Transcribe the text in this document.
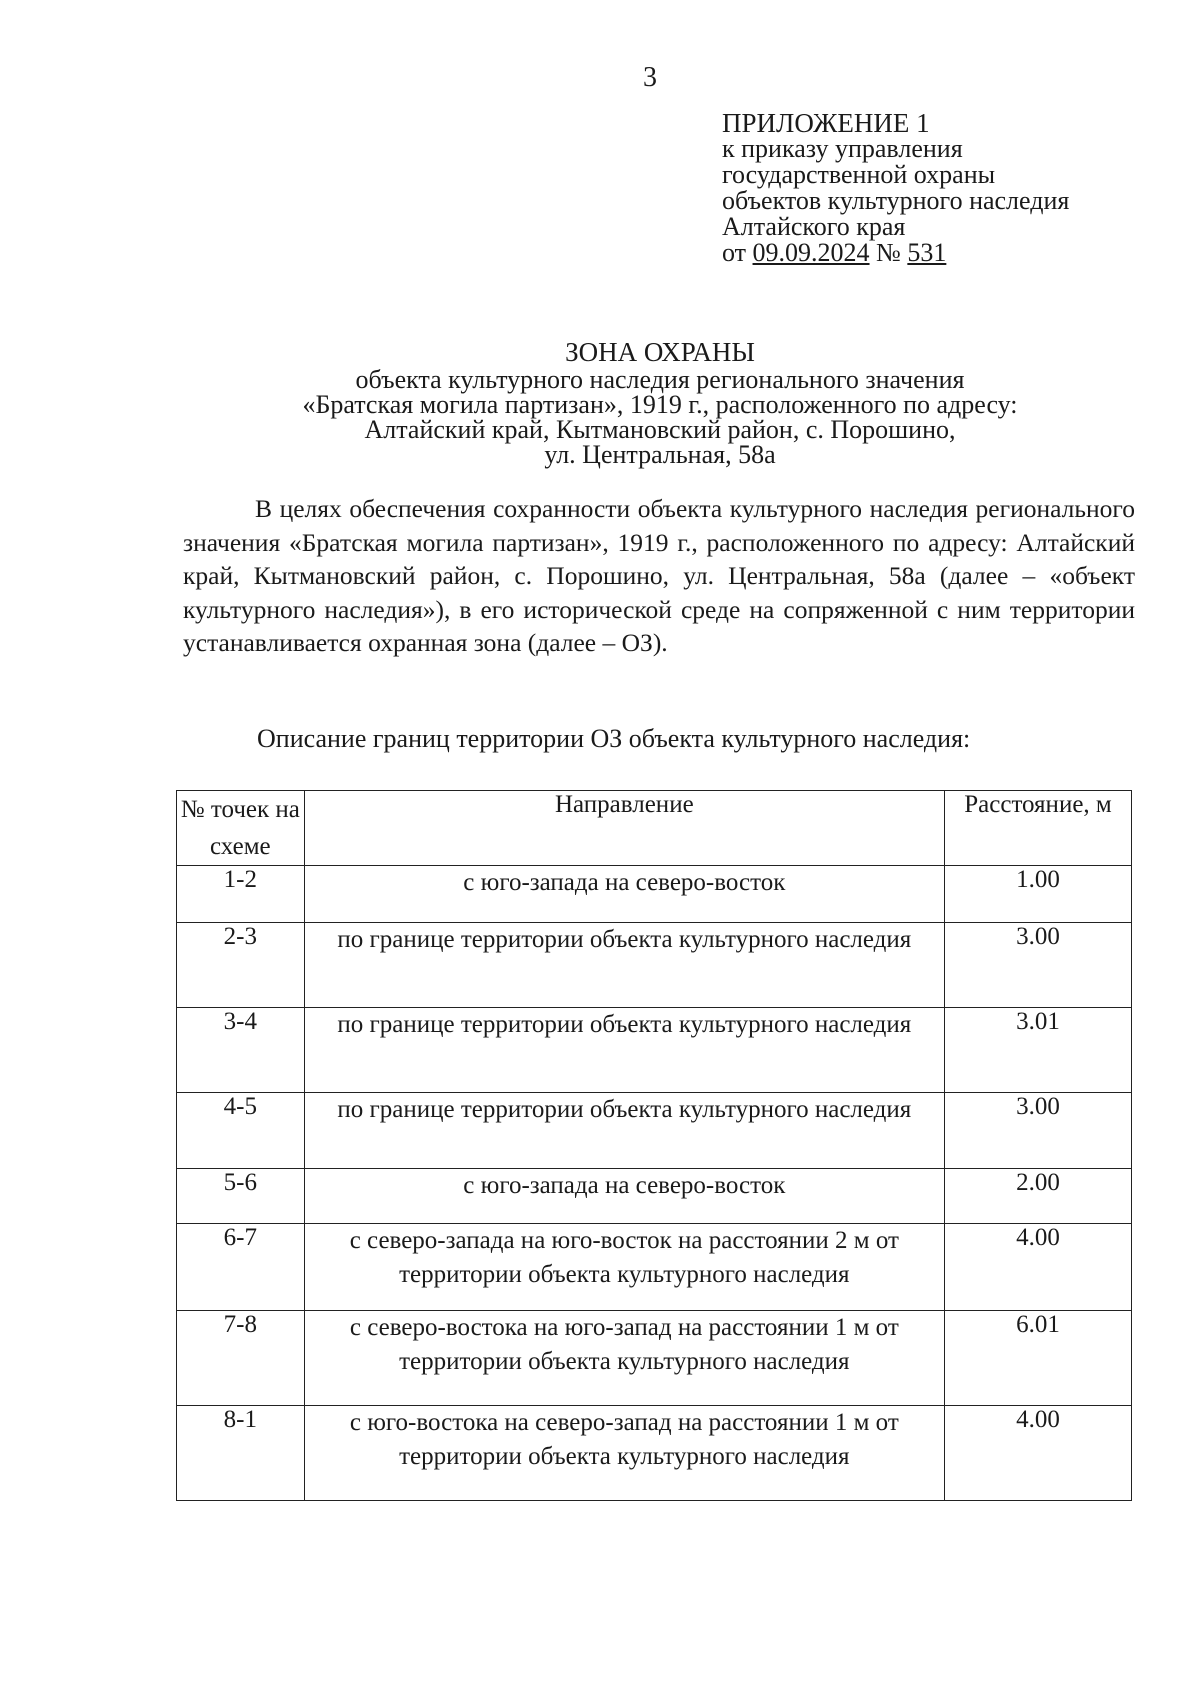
3
ПРИЛОЖЕНИЕ 1
к приказу управления
государственной охраны
объектов культурного наследия
Алтайского края
от 09.09.2024 № 531
ЗОНА ОХРАНЫ
объекта культурного наследия регионального значения
«Братская могила партизан», 1919 г., расположенного по адресу:
Алтайский край, Кытмановский район, с. Порошино,
ул. Центральная, 58а

В целях обеспечения сохранности объекта культурного наследия регионального значения «Братская могила партизан», 1919 г., расположенного по адресу: Алтайский край, Кытмановский район, с. Порошино, ул. Центральная, 58а (далее – «объект культурного наследия»), в его исторической среде на сопряженной с ним территории устанавливается охранная зона (далее – ОЗ).

Описание границ территории ОЗ объекта культурного наследия:
№ точек на схеме	Направление	Расстояние, м
1-2	с юго-запада на северо-восток	1.00
2-3	по границе территории объекта культурного наследия	3.00
3-4	по границе территории объекта культурного наследия	3.01
4-5	по границе территории объекта культурного наследия	3.00
5-6	с юго-запада на северо-восток	2.00
6-7	с северо-запада на юго-восток на расстоянии 2 м от территории объекта культурного наследия	4.00
7-8	с северо-востока на юго-запад на расстоянии 1 м от территории объекта культурного наследия	6.01
8-1	с юго-востока на северо-запад на расстоянии 1 м от территории объекта культурного наследия	4.00
